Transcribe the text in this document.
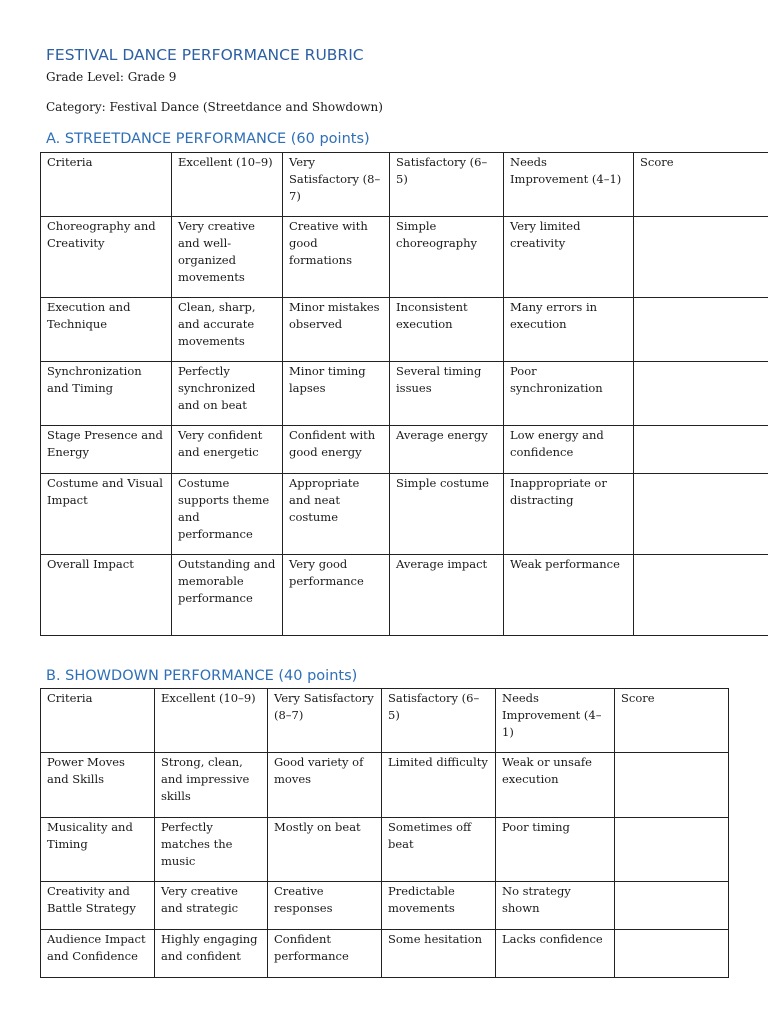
FESTIVAL DANCE PERFORMANCE RUBRIC

Grade Level: Grade 9

Category: Festival Dance (Streetdance and Showdown)

A. STREETDANCE PERFORMANCE (60 points)
Criteria	Excellent (10–9)	Very Satisfactory (8–7)	Satisfactory (6–5)	Needs Improvement (4–1)	Score
Choreography and Creativity	Very creative and well-organized movements	Creative with good formations	Simple choreography	Very limited creativity	
Execution and Technique	Clean, sharp, and accurate movements	Minor mistakes observed	Inconsistent execution	Many errors in execution	
Synchronization and Timing	Perfectly synchronized and on beat	Minor timing lapses	Several timing issues	Poor synchronization	
Stage Presence and Energy	Very confident and energetic	Confident with good energy	Average energy	Low energy and confidence	
Costume and Visual Impact	Costume supports theme and performance	Appropriate and neat costume	Simple costume	Inappropriate or distracting	
Overall Impact	Outstanding and memorable performance	Very good performance	Average impact	Weak performance	
B. SHOWDOWN PERFORMANCE (40 points)
Criteria	Excellent (10–9)	Very Satisfactory (8–7)	Satisfactory (6–5)	Needs Improvement (4–1)	Score
Power Moves and Skills	Strong, clean, and impressive skills	Good variety of moves	Limited difficulty	Weak or unsafe execution	
Musicality and Timing	Perfectly matches the music	Mostly on beat	Sometimes off beat	Poor timing	
Creativity and Battle Strategy	Very creative and strategic	Creative responses	Predictable movements	No strategy shown	
Audience Impact and Confidence	Highly engaging and confident	Confident performance	Some hesitation	Lacks confidence	
